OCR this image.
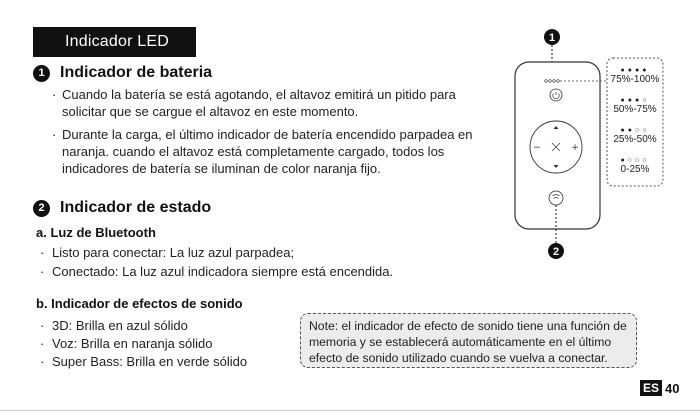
Indicador LED
1 Indicador de bateria
· Cuando la batería se está agotando, el altavoz emitirá un pitido para solicitar que se cargue el altavoz en este momento.
· Durante la carga, el último indicador de batería encendido parpadea en naranja. cuando el altavoz está completamente cargado, todos los indicadores de batería se iluminan de color naranja fijo.
2 Indicador de estado
a. Luz de Bluetooth
· Listo para conectar: La luz azul parpadea;
· Conectado: La luz azul indicadora siempre está encendida.
b. Indicador de efectos de sonido
· 3D: Brilla en azul sólido
· Voz: Brilla en naranja sólido
· Super Bass: Brilla en verde sólido
Note: el indicador de efecto de sonido tiene una función de memoria y se establecerá automáticamente en el último efecto de sonido utilizado cuando se vuelva a conectar.
1
−	+
2
●●●●
75%-100%
●●●○
50%-75%
●●○○
25%-50%
●○○○
0-25%
ES 40
